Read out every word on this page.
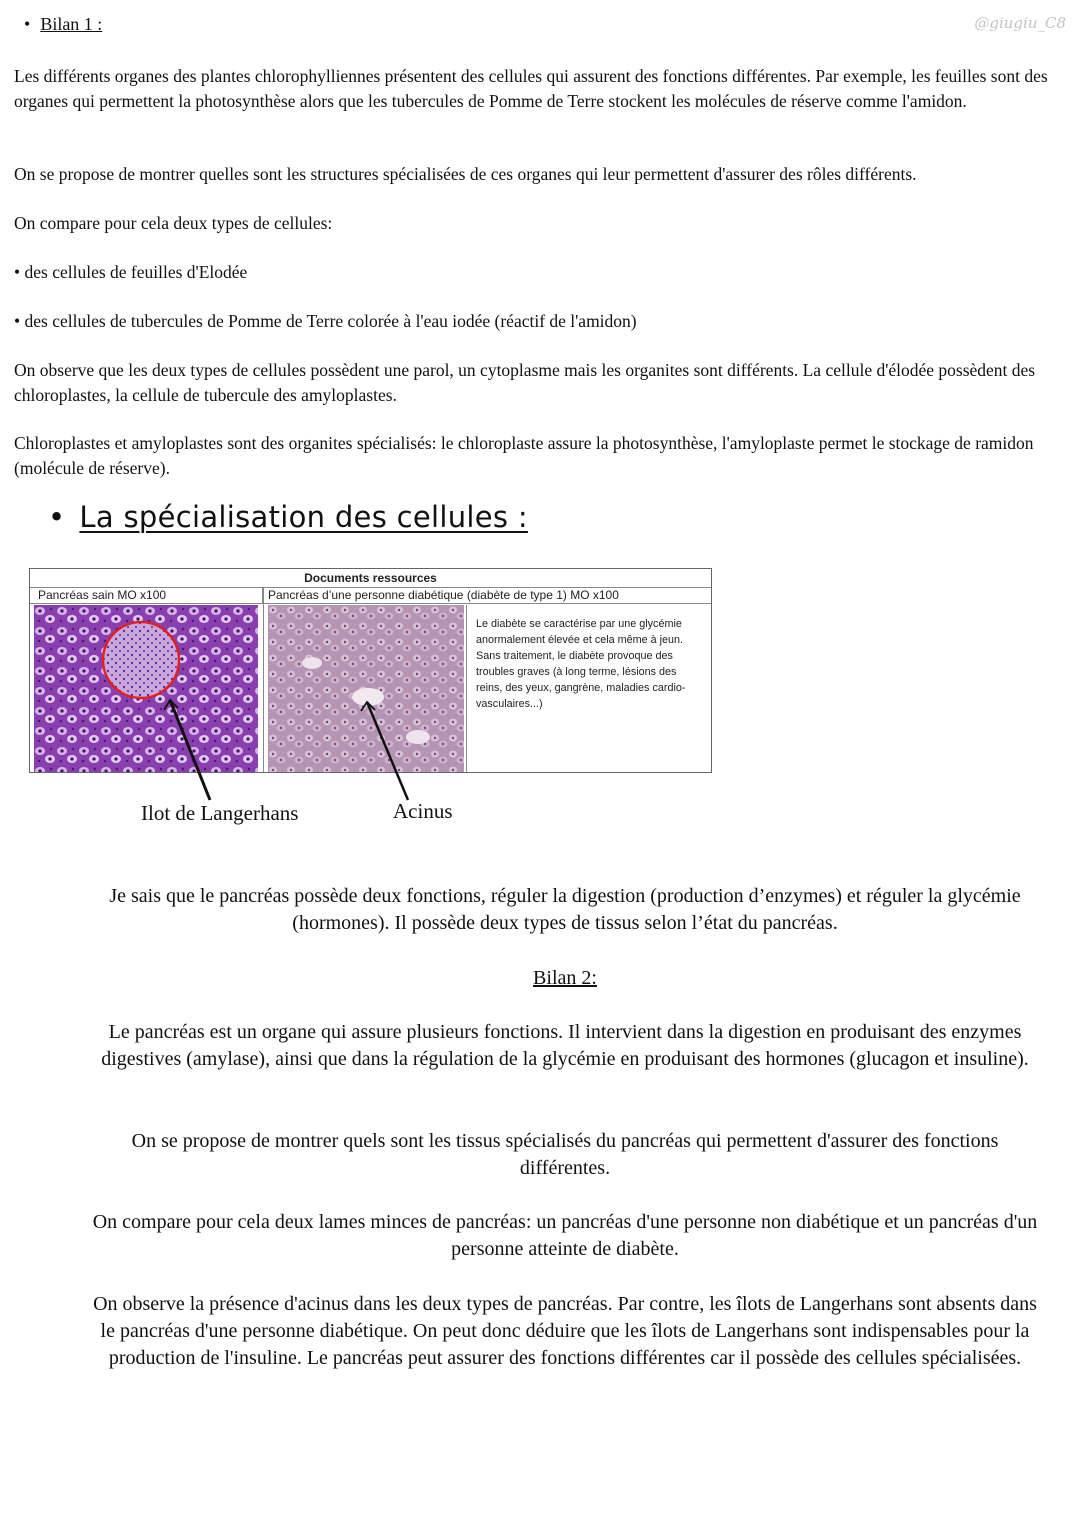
@giugiu_C8
• Bilan 1 :

Les différents organes des plantes chlorophylliennes présentent des cellules qui assurent des fonctions différentes. Par exemple, les feuilles sont des organes qui permettent la photosynthèse alors que les tubercules de Pomme de Terre stockent les molécules de réserve comme l'amidon.

On se propose de montrer quelles sont les structures spécialisées de ces organes qui leur permettent d'assurer des rôles différents.

On compare pour cela deux types de cellules:

• des cellules de feuilles d'Elodée

• des cellules de tubercules de Pomme de Terre colorée à l'eau iodée (réactif de l'amidon)

On observe que les deux types de cellules possèdent une parol, un cytoplasme mais les organites sont différents. La cellule d'élodée possèdent des chloroplastes, la cellule de tubercule des amyloplastes.

Chloroplastes et amyloplastes sont des organites spécialisés: le chloroplaste assure la photosynthèse, l'amyloplaste permet le stockage de ramidon (molécule de réserve).

• La spécialisation des cellules :
Documents ressources
Pancréas sain MO x100	Pancréas d’une personne diabétique (diabète de type 1) MO x100
Le diabète se caractérise par une glycémie anormalement élevée et cela même à jeun. Sans traitement, le diabète provoque des troubles graves (à long terme, lésions des reins, des yeux, gangrène, maladies cardio-vasculaires...)
Ilot de Langerhans	Acinus

Je sais que le pancréas possède deux fonctions, réguler la digestion (production d’enzymes) et réguler la glycémie (hormones). Il possède deux types de tissus selon l’état du pancréas.

Bilan 2:

Le pancréas est un organe qui assure plusieurs fonctions. Il intervient dans la digestion en produisant des enzymes digestives (amylase), ainsi que dans la régulation de la glycémie en produisant des hormones (glucagon et insuline).

On se propose de montrer quels sont les tissus spécialisés du pancréas qui permettent d'assurer des fonctions différentes.

On compare pour cela deux lames minces de pancréas: un pancréas d'une personne non diabétique et un pancréas d'un personne atteinte de diabète.

On observe la présence d'acinus dans les deux types de pancréas. Par contre, les îlots de Langerhans sont absents dans le pancréas d'une personne diabétique. On peut donc déduire que les îlots de Langerhans sont indispensables pour la production de l'insuline. Le pancréas peut assurer des fonctions différentes car il possède des cellules spécialisées.
